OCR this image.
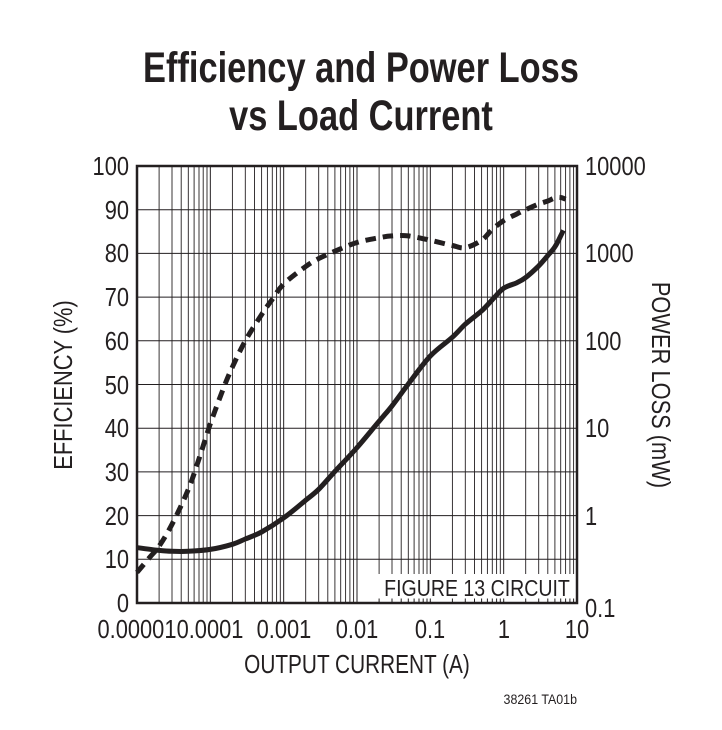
Efficiency and Power Loss
vs Load Current
100
90
80
70
60
50
40
30
20
10
0
10000
1000
100
10
1
0.1
0.00001 0.0001 0.001 0.01	0.1	1	10
EFFICIENCY (%)	POWER LOSS (mW)
OUTPUT CURRENT (A)
FIGURE 13 CIRCUIT
38261 TA01b
